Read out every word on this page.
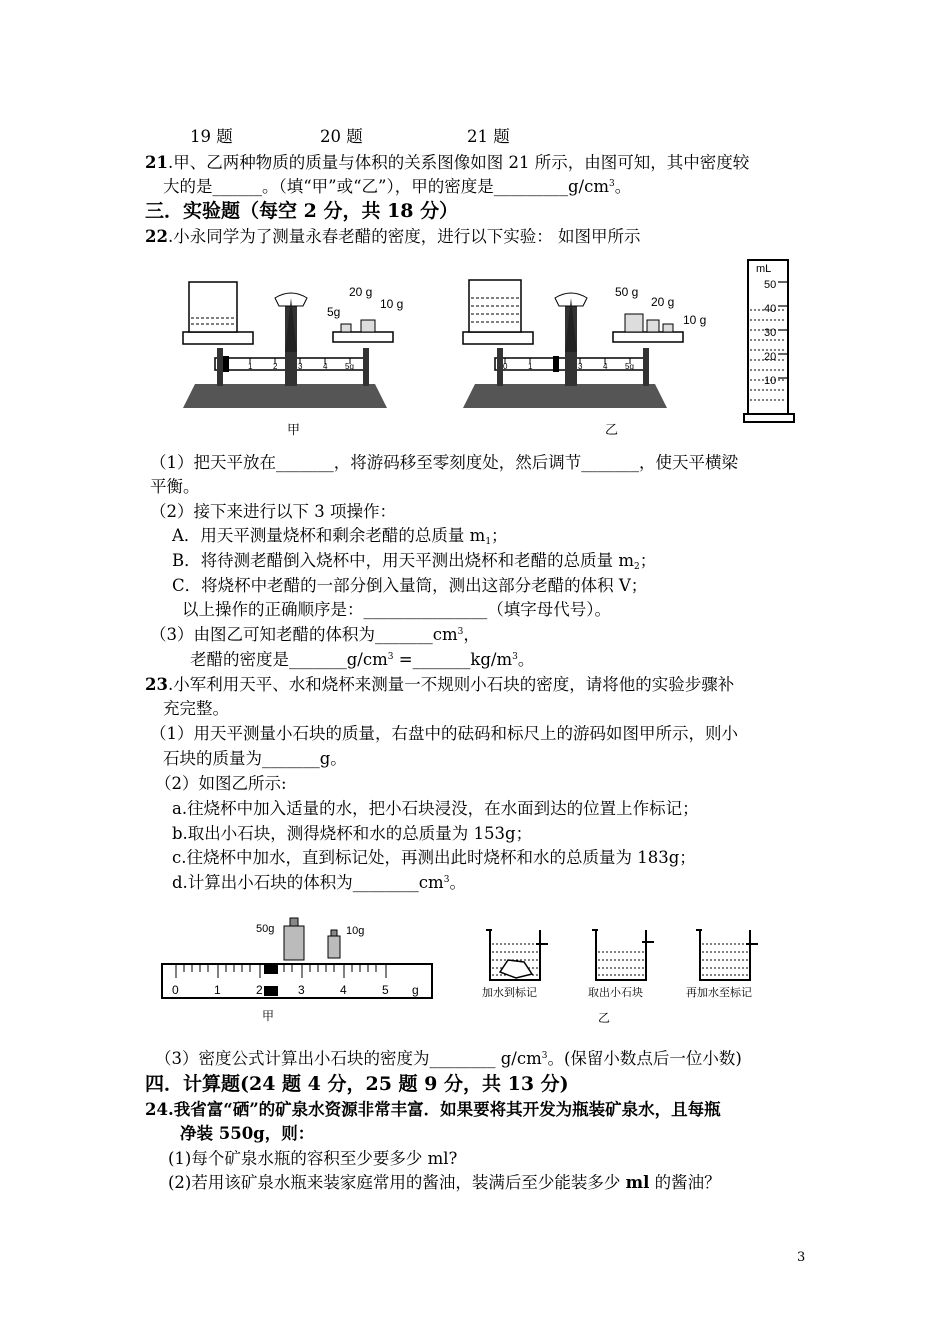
19 题	20 题	21 题
21.甲、乙两种物质的质量与体积的关系图像如图 21 所示，由图可知，其中密度较
大的是______。（填“甲”或“乙”），甲的密度是$\_\_\_\_\_\_\_\_\_g/cm^3$。
三．实验题（每空 2 分，共 18 分）
22.小永同学为了测量永春老醋的密度，进行以下实验： 如图甲所示
1	2	3	4 5g
20 g
10 g
5g
甲
0	1	3	4 5g
50 g
20 g
10 g
乙
mL
50
40
30
20
10
（1）把天平放在_______，将游码移至零刻度处，然后调节_______，使天平横梁
平衡。
（2）接下来进行以下 3 项操作：
A．用天平测量烧杯和剩余老醋的总质量 $m_1$；
B．将待测老醋倒入烧杯中，用天平测出烧杯和老醋的总质量 $m_2$；
C．将烧杯中老醋的一部分倒入量筒，测出这部分老醋的体积 V；
以上操作的正确顺序是：_______________（填字母代号）。
（3）由图乙可知老醋的体积为$\_\_\_\_\_\_\_cm^3$，
老醋的密度是$\_\_\_\_\_\_\_g/cm^3$ $=\_\_\_\_\_\_\_kg/m^3$。
23.小军利用天平、水和烧杯来测量一不规则小石块的密度，请将他的实验步骤补
充完整。
（1）用天平测量小石块的质量，右盘中的砝码和标尺上的游码如图甲所示，则小
石块的质量为_______g。
（2）如图乙所示:
a.往烧杯中加入适量的水，把小石块浸没，在水面到达的位置上作标记；
b.取出小石块，测得烧杯和水的总质量为 153g；
c.往烧杯中加水，直到标记处，再测出此时烧杯和水的总质量为 183g；
d.计算出小石块的体积为$\_\_\_\_\_\_\_\_cm^3$。
50g	10g
0	1	2	3	4	5 g
甲
加水到标记	取出小石块	再加水至标记
乙
（3）密度公式计算出小石块的密度为________ $g/cm^3$。(保留小数点后一位小数)
四．计算题(24 题 4 分，25 题 9 分，共 13 分)
24.我省富“硒”的矿泉水资源非常丰富．如果要将其开发为瓶装矿泉水，且每瓶
净装 550g，则：
(1)每个矿泉水瓶的容积至少要多少 ml?
(2)若用该矿泉水瓶来装家庭常用的酱油，装满后至少能装多少 ml 的酱油？
3
